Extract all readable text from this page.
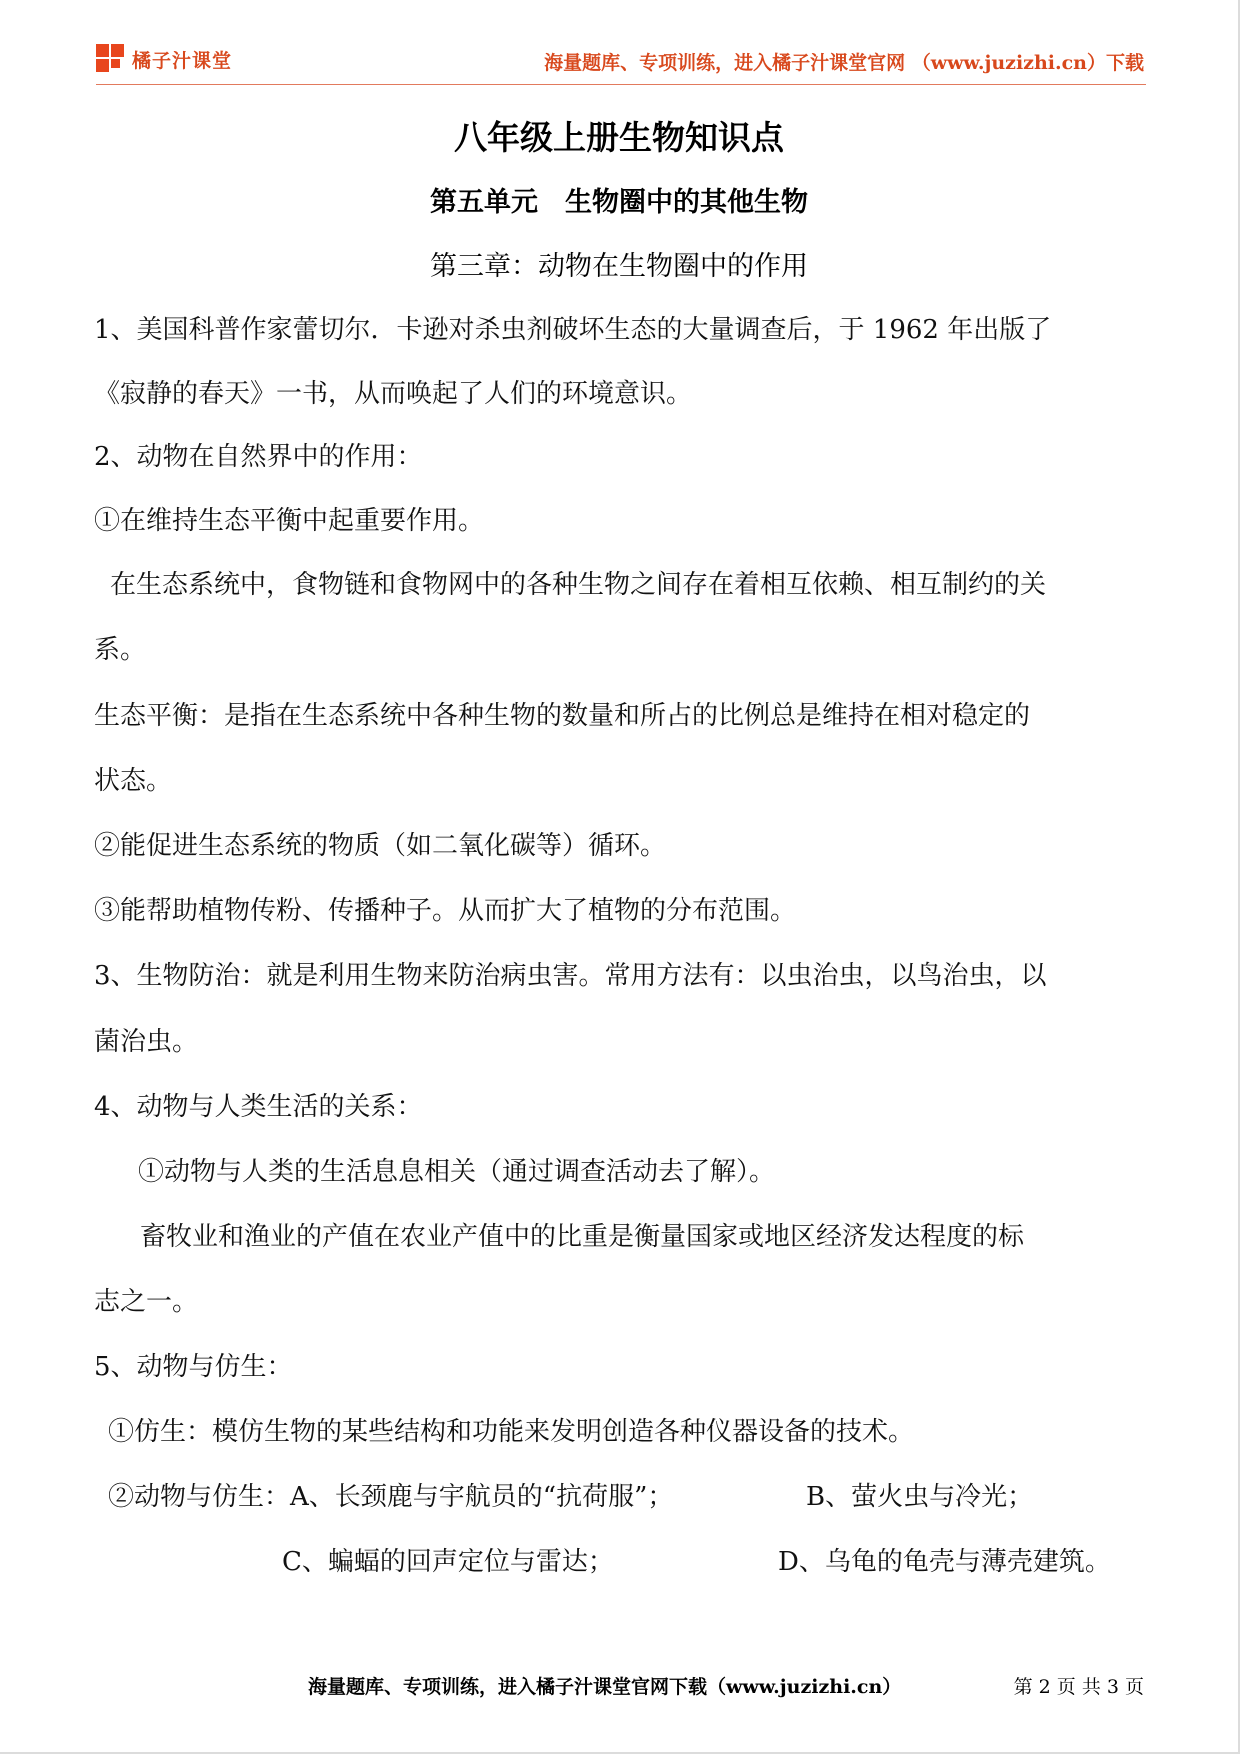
橘子汁课堂	海量题库、专项训练，进入橘子汁课堂官网 （www.juzizhi.cn）下载
八年级上册生物知识点
第五单元　生物圈中的其他生物
第三章：动物在生物圈中的作用
1、美国科普作家蕾切尔．卡逊对杀虫剂破坏生态的大量调查后，于 1962 年出版了
《寂静的春天》一书，从而唤起了人们的环境意识。
2、动物在自然界中的作用：
①在维持生态平衡中起重要作用。
在生态系统中，食物链和食物网中的各种生物之间存在着相互依赖、相互制约的关
系。
生态平衡：是指在生态系统中各种生物的数量和所占的比例总是维持在相对稳定的
状态。
②能促进生态系统的物质（如二氧化碳等）循环。
③能帮助植物传粉、传播种子。从而扩大了植物的分布范围。
3、生物防治：就是利用生物来防治病虫害。常用方法有：以虫治虫，以鸟治虫，以
菌治虫。
4、动物与人类生活的关系：
①动物与人类的生活息息相关（通过调查活动去了解）。
畜牧业和渔业的产值在农业产值中的比重是衡量国家或地区经济发达程度的标
志之一。
5、动物与仿生：
①仿生：模仿生物的某些结构和功能来发明创造各种仪器设备的技术。
②动物与仿生：A、长颈鹿与宇航员的“抗荷服”；	B、萤火虫与冷光；
C、蝙蝠的回声定位与雷达；	D、乌龟的龟壳与薄壳建筑。
海量题库、专项训练，进入橘子汁课堂官网下载（www.juzizhi.cn）	第 2 页 共 3 页
